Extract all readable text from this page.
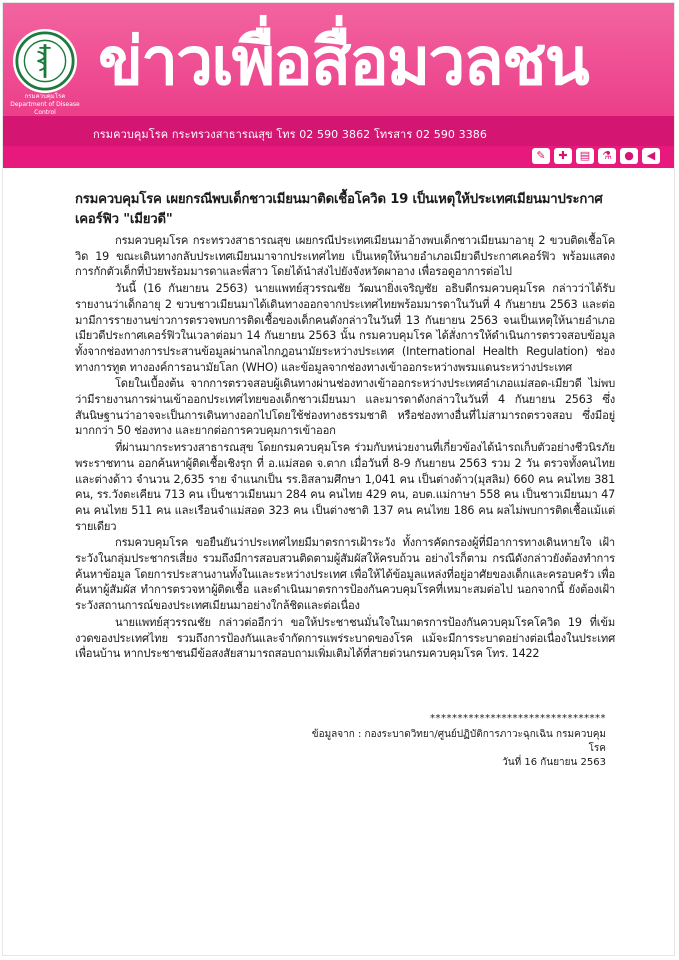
กรมควบคุมโรค
Department of Disease Control
ข่าวเพื่อสื่อมวลชน
กรมควบคุมโรค กระทรวงสาธารณสุข โทร 02 590 3862 โทรสาร 02 590 3386
✎	✚	▤	⚗	●	◀
กรมควบคุมโรค เผยกรณีพบเด็กชาวเมียนมาติดเชื้อโควิด 19 เป็นเหตุให้ประเทศเมียนมาประกาศเคอร์ฟิว "เมียวดี"

กรมควบคุมโรค กระทรวงสาธารณสุข เผยกรณีประเทศเมียนมาอ้างพบเด็กชาวเมียนมาอายุ 2 ขวบติดเชื้อโควิด 19 ขณะเดินทางกลับประเทศเมียนมาจากประเทศไทย เป็นเหตุให้นายอำเภอเมียวดีประกาศเคอร์ฟิว พร้อมแสดงการกักตัวเด็กที่ป่วยพร้อมมารดาและพี่สาว โดยได้นำส่งไปยังจังหวัดผาอาง เพื่อรอดูอาการต่อไป

วันนี้ (16 กันยายน 2563) นายแพทย์สุวรรณชัย วัฒนายิ่งเจริญชัย อธิบดีกรมควบคุมโรค กล่าวว่าได้รับรายงานว่าเด็กอายุ 2 ขวบชาวเมียนมาได้เดินทางออกจากประเทศไทยพร้อมมารดาในวันที่ 4 กันยายน 2563 และต่อมามีการรายงานข่าวการตรวจพบการติดเชื้อของเด็กคนดังกล่าวในวันที่ 13 กันยายน 2563 จนเป็นเหตุให้นายอำเภอเมียวดีประกาศเคอร์ฟิวในเวลาต่อมา 14 กันยายน 2563 นั้น กรมควบคุมโรค ได้สั่งการให้ดำเนินการตรวจสอบข้อมูลทั้งจากช่องทางการประสานข้อมูลผ่านกลไกกฎอนามัยระหว่างประเทศ (International Health Regulation) ช่องทางการทูต ทางองค์การอนามัยโลก (WHO) และข้อมูลจากช่องทางเข้าออกระหว่างพรมแดนระหว่างประเทศ

โดยในเบื้องต้น จากการตรวจสอบผู้เดินทางผ่านช่องทางเข้าออกระหว่างประเทศอำเภอแม่สอด-เมียวดี ไม่พบว่ามีรายงานการผ่านเข้าออกประเทศไทยของเด็กชาวเมียนมา และมารดาดังกล่าวในวันที่ 4 กันยายน 2563 ซึ่งสันนิษฐานว่าอาจจะเป็นการเดินทางออกไปโดยใช้ช่องทางธรรมชาติ หรือช่องทางอื่นที่ไม่สามารถตรวจสอบ ซึ่งมีอยู่มากกว่า 50 ช่องทาง และยากต่อการควบคุมการเข้าออก

ที่ผ่านมากระทรวงสาธารณสุข โดยกรมควบคุมโรค ร่วมกับหน่วยงานที่เกี่ยวข้องได้นำรถเก็บตัวอย่างชีวนิรภัย พระราชทาน ออกค้นหาผู้ติดเชื้อเชิงรุก ที่ อ.แม่สอด จ.ตาก เมื่อวันที่ 8-9 กันยายน 2563 รวม 2 วัน ตรวจทั้งคนไทยและต่างด้าว จำนวน 2,635 ราย จำแนกเป็น รร.อิสลามศึกษา 1,041 คน เป็นต่างด้าว(มุสลิม) 660 คน คนไทย 381 คน, รร.วังตะเคียน 713 คน เป็นชาวเมียนมา 284 คน คนไทย 429 คน, อบต.แม่กาษา 558 คน เป็นชาวเมียนมา 47 คน คนไทย 511 คน และเรือนจำแม่สอด 323 คน เป็นต่างชาติ 137 คน คนไทย 186 คน ผลไม่พบการติดเชื้อแม้แต่รายเดียว

กรมควบคุมโรค ขอยืนยันว่าประเทศไทยมีมาตรการเฝ้าระวัง ทั้งการคัดกรองผู้ที่มีอาการทางเดินหายใจ เฝ้าระวังในกลุ่มประชากรเสี่ยง รวมถึงมีการสอบสวนติดตามผู้สัมผัสให้ครบถ้วน อย่างไรก็ตาม กรณีดังกล่าวยังต้องทำการค้นหาข้อมูล โดยการประสานงานทั้งในและระหว่างประเทศ เพื่อให้ได้ข้อมูลแหล่งที่อยู่อาศัยของเด็กและครอบครัว เพื่อค้นหาผู้สัมผัส ทำการตรวจหาผู้ติดเชื้อ และดำเนินมาตรการป้องกันควบคุมโรคที่เหมาะสมต่อไป นอกจากนี้ ยังต้องเฝ้าระวังสถานการณ์ของประเทศเมียนมาอย่างใกล้ชิดและต่อเนื่อง

นายแพทย์สุวรรณชัย กล่าวต่ออีกว่า ขอให้ประชาชนมั่นใจในมาตรการป้องกันควบคุมโรคโควิด 19 ที่เข้มงวดของประเทศไทย รวมถึงการป้องกันและจำกัดการแพร่ระบาดของโรค แม้จะมีการระบาดอย่างต่อเนื่องในประเทศเพื่อนบ้าน หากประชาชนมีข้อสงสัยสามารถสอบถามเพิ่มเติมได้ที่สายด่วนกรมควบคุมโรค โทร. 1422

********************************
ข้อมูลจาก : กองระบาดวิทยา/ศูนย์ปฏิบัติการภาวะฉุกเฉิน กรมควบคุมโรค
วันที่ 16 กันยายน 2563
